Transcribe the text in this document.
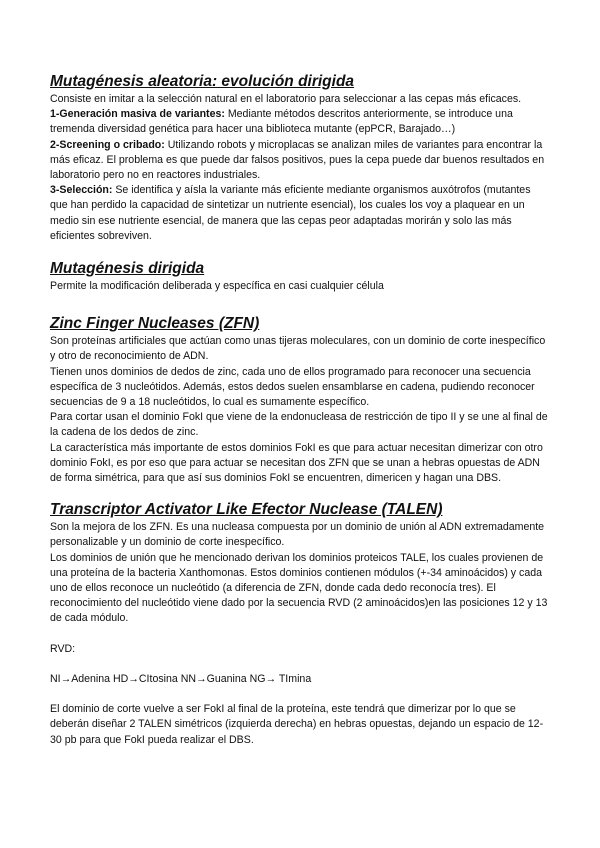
Mutagénesis aleatoria: evolución dirigida

Consiste en imitar a la selección natural en el laboratorio para seleccionar a las cepas más eficaces.

1-Generación masiva de variantes: Mediante métodos descritos anteriormente, se introduce una tremenda diversidad genética para hacer una biblioteca mutante (epPCR, Barajado…)

2-Screening o cribado: Utilizando robots y microplacas se analizan miles de variantes para encontrar la más eficaz. El problema es que puede dar falsos positivos, pues la cepa puede dar buenos resultados en laboratorio pero no en reactores industriales.

3-Selección: Se identifica y aísla la variante más eficiente mediante organismos auxótrofos (mutantes que han perdido la capacidad de sintetizar un nutriente esencial), los cuales los voy a plaquear en un medio sin ese nutriente esencial, de manera que las cepas peor adaptadas morirán y solo las más eficientes sobreviven.

Mutagénesis dirigida

Permite la modificación deliberada y específica en casi cualquier célula

Zinc Finger Nucleases (ZFN)

Son proteínas artificiales que actúan como unas tijeras moleculares, con un dominio de corte inespecífico y otro de reconocimiento de ADN.

Tienen unos dominios de dedos de zinc, cada uno de ellos programado para reconocer una secuencia específica de 3 nucleótidos. Además, estos dedos suelen ensamblarse en cadena, pudiendo reconocer secuencias de 9 a 18 nucleótidos, lo cual es sumamente específico.

Para cortar usan el dominio FokI que viene de la endonucleasa de restricción de tipo II y se une al final de la cadena de los dedos de zinc.

La característica más importante de estos dominios FokI es que para actuar necesitan dimerizar con otro dominio FokI, es por eso que para actuar se necesitan dos ZFN que se unan a hebras opuestas de ADN de forma simétrica, para que así sus dominios FokI se encuentren, dimericen y hagan una DBS.

Transcriptor Activator Like Efector Nuclease (TALEN)

Son la mejora de los ZFN. Es una nucleasa compuesta por un dominio de unión al ADN extremadamente personalizable y un dominio de corte inespecífico.

Los dominios de unión que he mencionado derivan los dominios proteicos TALE, los cuales provienen de una proteína de la bacteria Xanthomonas. Estos dominios contienen módulos (+-34 aminoácidos) y cada uno de ellos reconoce un nucleótido (a diferencia de ZFN, donde cada dedo reconocía tres). El reconocimiento del nucleótido viene dado por la secuencia RVD (2 aminoácidos)en las posiciones 12 y 13 de cada módulo.

RVD:

NI→Adenina HD→CItosina NN→Guanina NG→ TImina

El dominio de corte vuelve a ser FokI al final de la proteína, este tendrá que dimerizar por lo que se deberán diseñar 2 TALEN simétricos (izquierda derecha) en hebras opuestas, dejando un espacio de 12-30 pb para que FokI pueda realizar el DBS.
